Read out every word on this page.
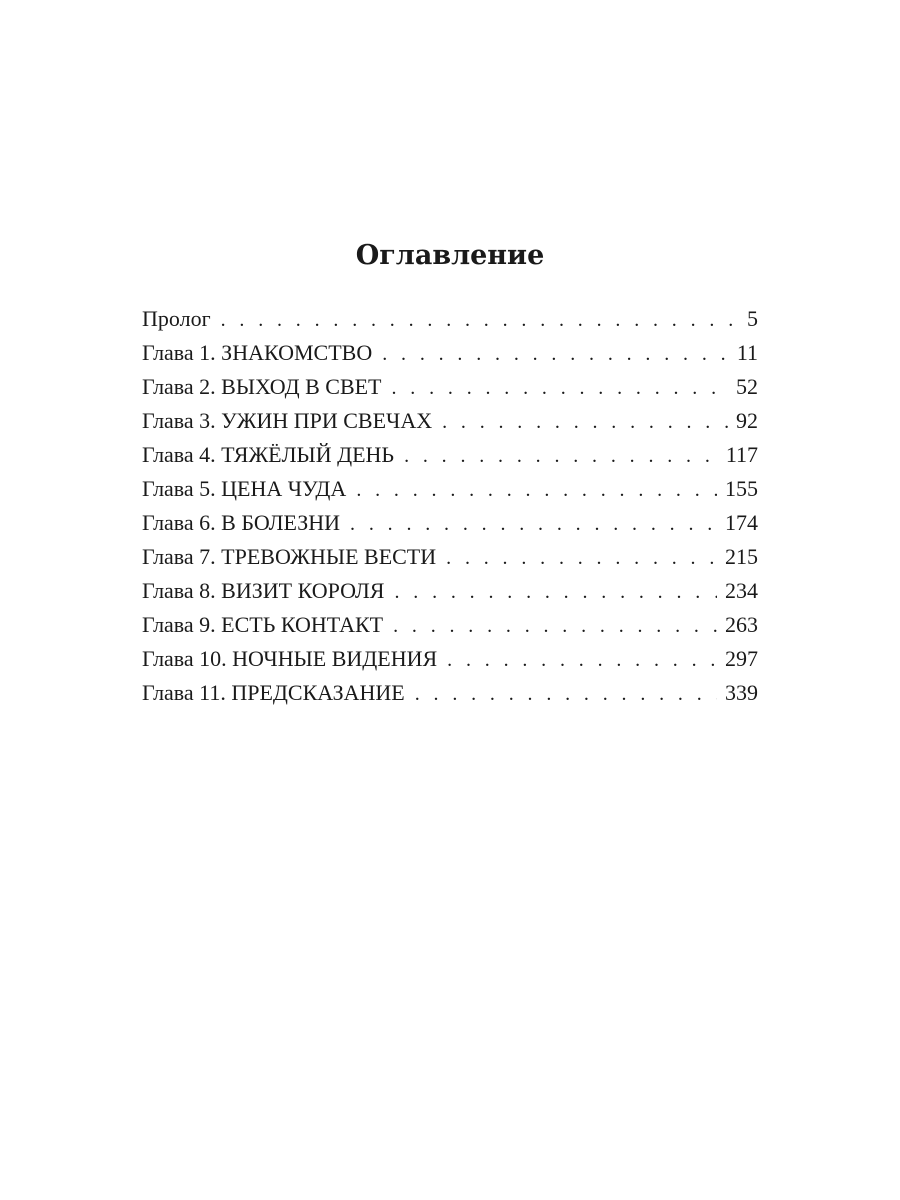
Оглавление
Пролог . . .	5
Глава 1. ЗНАКОМСТВО . . .	11
Глава 2. ВЫХОД В СВЕТ . . .	52
Глава 3. УЖИН ПРИ СВЕЧАХ . . .	92
Глава 4. ТЯЖЁЛЫЙ ДЕНЬ . . .	117
Глава 5. ЦЕНА ЧУДА . . .	155
Глава 6. В БОЛЕЗНИ . . .	174
Глава 7. ТРЕВОЖНЫЕ ВЕСТИ . . .	215
Глава 8. ВИЗИТ КОРОЛЯ . . .	234
Глава 9. ЕСТЬ КОНТАКТ . . .	263
Глава 10. НОЧНЫЕ ВИДЕНИЯ . . .	297
Глава 11. ПРЕДСКАЗАНИЕ . . .	339
